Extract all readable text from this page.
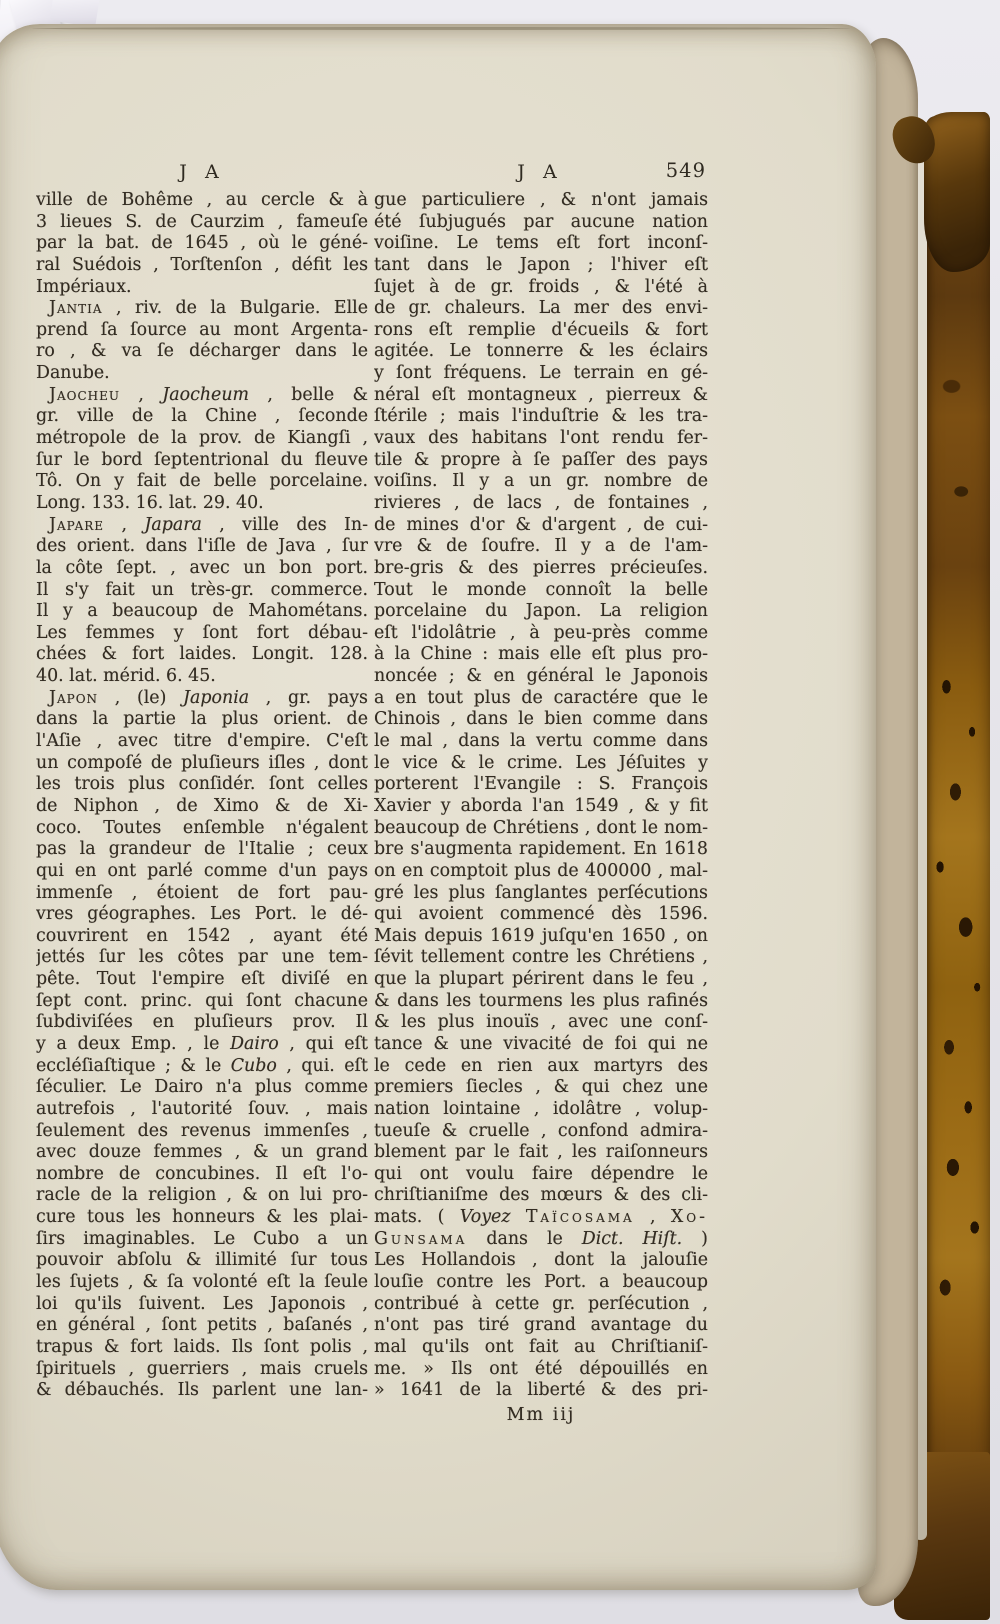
J A	J A	549
ville de Bohême , au cercle & à
3 lieues S. de Caurzim , fameuſe
par la bat. de 1645 , où le géné-
ral Suédois , Torſtenſon , défit les
Impériaux.
Jantia , riv. de la Bulgarie. Elle
prend ſa ſource au mont Argenta-
ro , & va ſe décharger dans le
Danube.
Jaocheu , Jaocheum , belle &
gr. ville de la Chine , ſeconde
métropole de la prov. de Kiangſi ,
ſur le bord ſeptentrional du fleuve
Tô. On y fait de belle porcelaine.
Long. 133. 16. lat. 29. 40.
Japare , Japara , ville des In-
des orient. dans l'iſle de Java , ſur
la côte ſept. , avec un bon port.
Il s'y fait un très-gr. commerce.
Il y a beaucoup de Mahométans.
Les femmes y ſont fort débau-
chées & fort laides. Longit. 128.
40. lat. mérid. 6. 45.
Japon , (le) Japonia , gr. pays
dans la partie la plus orient. de
l'Aſie , avec titre d'empire. C'eſt
un compoſé de pluſieurs iſles , dont
les trois plus conſidér. ſont celles
de Niphon , de Ximo & de Xi-
coco. Toutes enſemble n'égalent
pas la grandeur de l'Italie ; ceux
qui en ont parlé comme d'un pays
immenſe , étoient de fort pau-
vres géographes. Les Port. le dé-
couvrirent en 1542 , ayant été
jettés ſur les côtes par une tem-
pête. Tout l'empire eſt diviſé en
ſept cont. princ. qui ſont chacune
ſubdiviſées en pluſieurs prov. Il
y a deux Emp. , le Dairo , qui eſt
eccléſiaſtique ; & le Cubo , qui. eſt
ſéculier. Le Dairo n'a plus comme
autrefois , l'autorité ſouv. , mais
ſeulement des revenus immenſes ,
avec douze femmes , & un grand
nombre de concubines. Il eſt l'o-
racle de la religion , & on lui pro-
cure tous les honneurs & les plai-
ſirs imaginables. Le Cubo a un
pouvoir abſolu & illimité ſur tous
les ſujets , & ſa volonté eſt la ſeule
loi qu'ils ſuivent. Les Japonois ,
en général , ſont petits , baſanés ,
trapus & fort laids. Ils ſont polis ,
ſpirituels , guerriers , mais cruels
& débauchés. Ils parlent une lan-
gue particuliere , & n'ont jamais
été ſubjugués par aucune nation
voiſine. Le tems eſt fort inconſ-
tant dans le Japon ; l'hiver eſt
ſujet à de gr. froids , & l'été à
de gr. chaleurs. La mer des envi-
rons eſt remplie d'écueils & fort
agitée. Le tonnerre & les éclairs
y ſont fréquens. Le terrain en gé-
néral eſt montagneux , pierreux &
ſtérile ; mais l'induſtrie & les tra-
vaux des habitans l'ont rendu fer-
tile & propre à ſe paſſer des pays
voiſins. Il y a un gr. nombre de
rivieres , de lacs , de fontaines ,
de mines d'or & d'argent , de cui-
vre & de ſoufre. Il y a de l'am-
bre-gris & des pierres précieuſes.
Tout le monde connoît la belle
porcelaine du Japon. La religion
eſt l'idolâtrie , à peu-près comme
à la Chine : mais elle eſt plus pro-
noncée ; & en général le Japonois
a en tout plus de caractére que le
Chinois , dans le bien comme dans
le mal , dans la vertu comme dans
le vice & le crime. Les Jéſuites y
porterent l'Evangile : S. François
Xavier y aborda l'an 1549 , & y fit
beaucoup de Chrétiens , dont le nom-
bre s'augmenta rapidement. En 1618
on en comptoit plus de 400000 , mal-
gré les plus ſanglantes perſécutions
qui avoient commencé dès 1596.
Mais depuis 1619 juſqu'en 1650 , on
ſévit tellement contre les Chrétiens ,
que la plupart périrent dans le feu ,
& dans les tourmens les plus rafinés
& les plus inouïs , avec une conſ-
tance & une vivacité de foi qui ne
le cede en rien aux martyrs des
premiers ſiecles , & qui chez une
nation lointaine , idolâtre , volup-
tueuſe & cruelle , confond admira-
blement par le fait , les raiſonneurs
qui ont voulu faire dépendre le
chriſtianiſme des mœurs & des cli-
mats. ( Voyez Taïcosama , Xo-
Gunsama dans le Dict. Hiſt. )
Les Hollandois , dont la jalouſie
louſie contre les Port. a beaucoup
contribué à cette gr. perſécution ,
n'ont pas tiré grand avantage du
mal qu'ils ont fait au Chriſtianiſ-
me. » Ils ont été dépouillés en
» 1641 de la liberté & des pri-
Mm iij
